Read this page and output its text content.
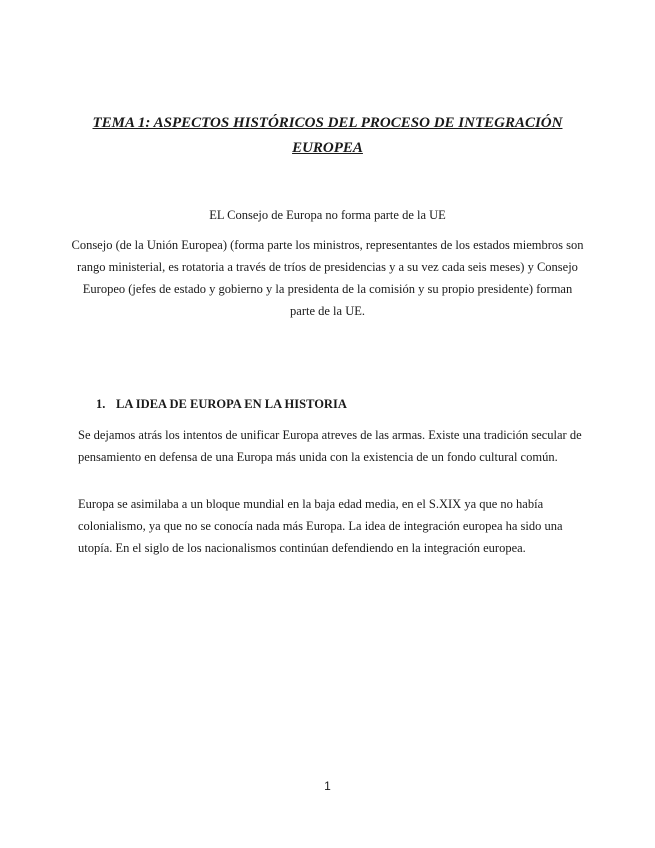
TEMA 1: ASPECTOS HISTÓRICOS DEL PROCESO DE INTEGRACIÓN EUROPEA

EL Consejo de Europa no forma parte de la UE

Consejo (de la Unión Europea) (forma parte los ministros, representantes de los estados miembros son rango ministerial, es rotatoria a través de tríos de presidencias y a su vez cada seis meses) y Consejo Europeo (jefes de estado y gobierno y la presidenta de la comisión y su propio presidente) forman parte de la UE.

1. LA IDEA DE EUROPA EN LA HISTORIA

Se dejamos atrás los intentos de unificar Europa atreves de las armas. Existe una tradición secular de pensamiento en defensa de una Europa más unida con la existencia de un fondo cultural común.

Europa se asimilaba a un bloque mundial en la baja edad media, en el S.XIX ya que no había colonialismo, ya que no se conocía nada más Europa. La idea de integración europea ha sido una utopía. En el siglo de los nacionalismos continúan defendiendo en la integración europea.

1
